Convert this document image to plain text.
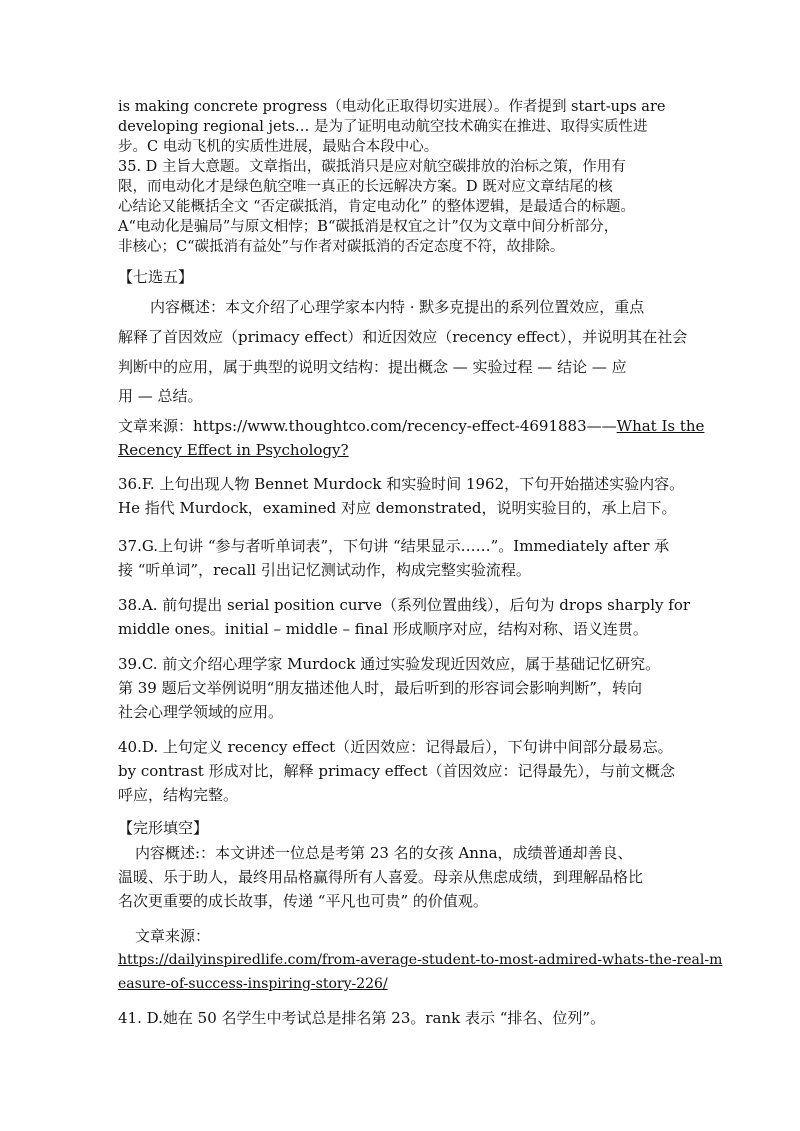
is making concrete progress（电动化正取得切实进展）。作者提到 start-ups are

developing regional jets… 是为了证明电动航空技术确实在推进、取得实质性进

步。C 电动飞机的实质性进展，最贴合本段中心。

35. D 主旨大意题。文章指出，碳抵消只是应对航空碳排放的治标之策，作用有

限，而电动化才是绿色航空唯一真正的长远解决方案。D 既对应文章结尾的核

心结论又能概括全文 “否定碳抵消，肯定电动化” 的整体逻辑，是最适合的标题。

A“电动化是骗局”与原文相悖；B“碳抵消是权宜之计”仅为文章中间分析部分，

非核心；C“碳抵消有益处”与作者对碳抵消的否定态度不符，故排除。

【七选五】

内容概述：本文介绍了心理学家本内特 · 默多克提出的系列位置效应，重点

解释了首因效应（primacy effect）和近因效应（recency effect），并说明其在社会

判断中的应用，属于典型的说明文结构：提出概念 — 实验过程 — 结论 — 应

用 — 总结。

文章来源：https://www.thoughtco.com/recency-effect-4691883——What Is the

Recency Effect in Psychology?

36.F. 上句出现人物 Bennet Murdock 和实验时间 1962，下句开始描述实验内容。

He 指代 Murdock，examined 对应 demonstrated，说明实验目的，承上启下。

37.G.上句讲 “参与者听单词表”，下句讲 “结果显示……”。Immediately after 承

接 “听单词”，recall 引出记忆测试动作，构成完整实验流程。

38.A. 前句提出 serial position curve（系列位置曲线），后句为 drops sharply for

middle ones。initial – middle – final 形成顺序对应，结构对称、语义连贯。

39.C. 前文介绍心理学家 Murdock 通过实验发现近因效应，属于基础记忆研究。

第 39 题后文举例说明“朋友描述他人时，最后听到的形容词会影响判断”，转向

社会心理学领域的应用。

40.D. 上句定义 recency effect（近因效应：记得最后），下句讲中间部分最易忘。

by contrast 形成对比，解释 primacy effect（首因效应：记得最先），与前文概念

呼应，结构完整。

【完形填空】

内容概述:：本文讲述一位总是考第 23 名的女孩 Anna，成绩普通却善良、

温暖、乐于助人，最终用品格赢得所有人喜爱。母亲从焦虑成绩，到理解品格比

名次更重要的成长故事，传递 “平凡也可贵” 的价值观。

文章来源：

https://dailyinspiredlife.com/from-average-student-to-most-admired-whats-the-real-m

easure-of-success-inspiring-story-226/

41. D.她在 50 名学生中考试总是排名第 23。rank 表示 “排名、位列”。
